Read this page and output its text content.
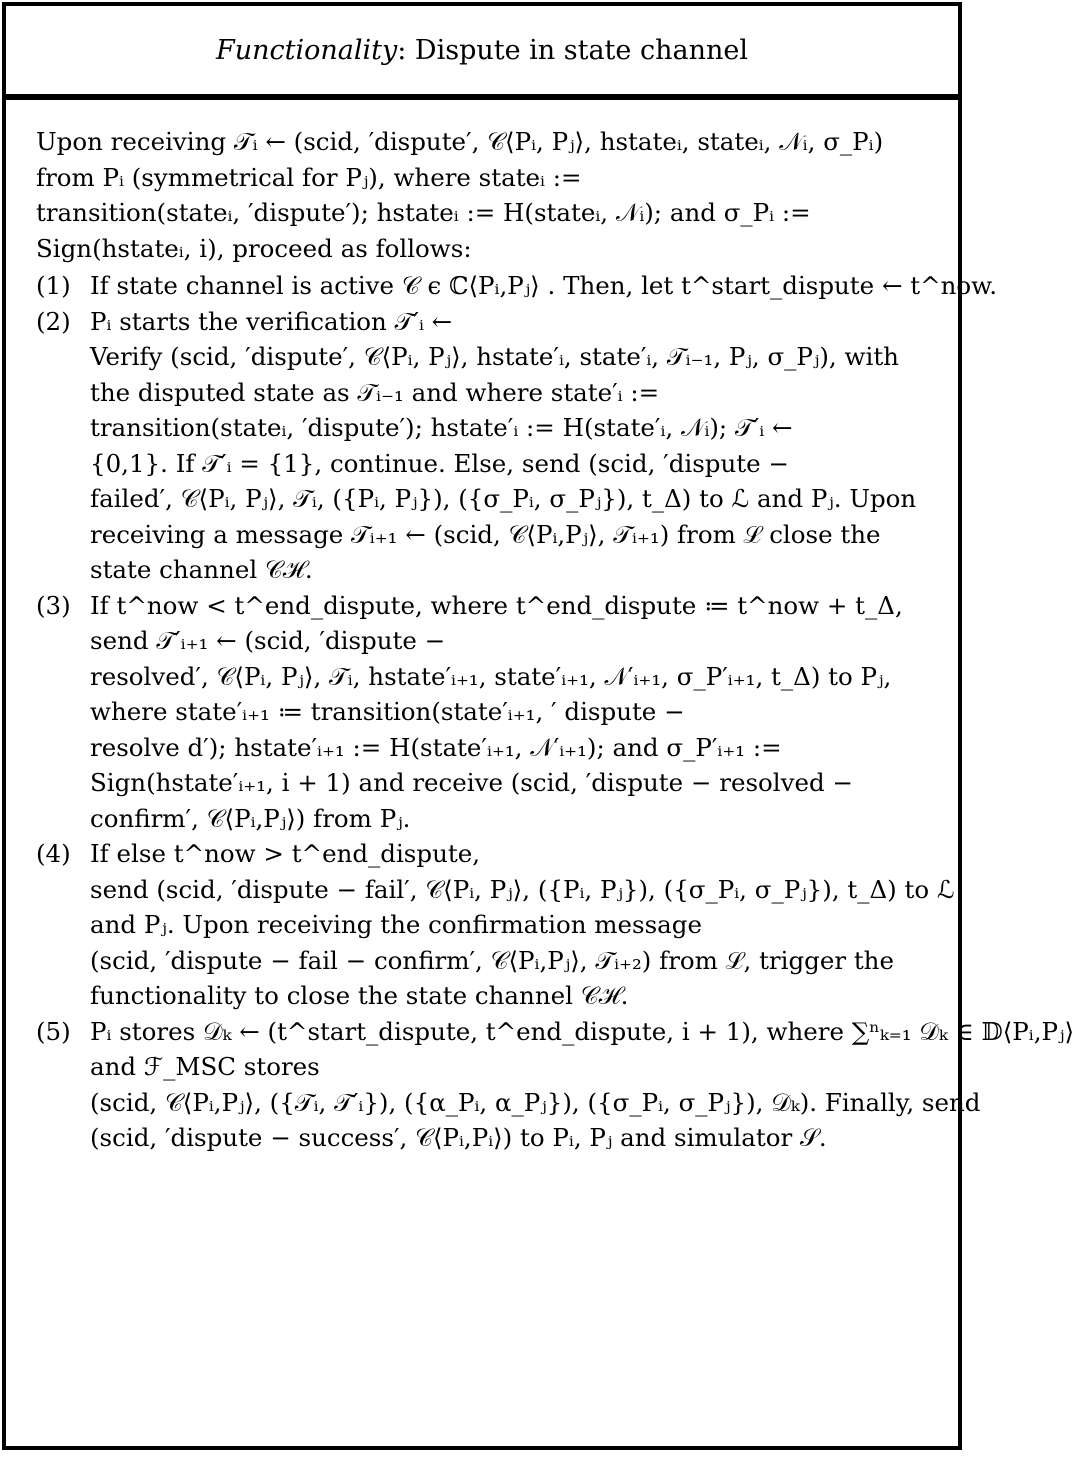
Functionality : Dispute in state channel
Upon receiving 𝒯ᵢ ← (scid, ′dispute′, 𝒞⟨Pᵢ, Pⱼ⟩, hstateᵢ, stateᵢ, 𝒩ᵢ, σ_Pᵢ)
from Pᵢ (symmetrical for Pⱼ), where stateᵢ :=
transition(stateᵢ, ′dispute′); hstateᵢ := H(stateᵢ, 𝒩ᵢ); and σ_Pᵢ :=
Sign(hstateᵢ, i), proceed as follows:
(1) If state channel is active 𝒞 ϵ ℂ⟨Pᵢ,Pⱼ⟩ . Then, let t^start_dispute ← t^now.
(2) Pᵢ starts the verification 𝒯′ᵢ ←
Verify (scid, ′dispute′, 𝒞⟨Pᵢ, Pⱼ⟩, hstate′ᵢ, state′ᵢ, 𝒯ᵢ₋₁, Pⱼ, σ_Pⱼ), with
the disputed state as 𝒯ᵢ₋₁ and where state′ᵢ :=
transition(stateᵢ, ′dispute′); hstate′ᵢ := H(state′ᵢ, 𝒩ᵢ); 𝒯′ᵢ ←
{0,1}. If 𝒯′ᵢ = {1}, continue. Else, send (scid, ′dispute −
failed′, 𝒞⟨Pᵢ, Pⱼ⟩, 𝒯ᵢ, ({Pᵢ, Pⱼ}), ({σ_Pᵢ, σ_Pⱼ}), t_Δ) to ℒ and Pⱼ. Upon
receiving a message 𝒯ᵢ₊₁ ← (scid, 𝒞⟨Pᵢ,Pⱼ⟩, 𝒯ᵢ₊₁) from ℒ close the
state channel 𝒞ℋ.
(3) If t^now < t^end_dispute, where t^end_dispute ≔ t^now + t_Δ,
send 𝒯′ᵢ₊₁ ← (scid, ′dispute −
resolved′, 𝒞⟨Pᵢ, Pⱼ⟩, 𝒯ᵢ, hstate′ᵢ₊₁, state′ᵢ₊₁, 𝒩′ᵢ₊₁, σ_P′ᵢ₊₁, t_Δ) to Pⱼ,
where state′ᵢ₊₁ ≔ transition(state′ᵢ₊₁, ′ dispute −
resolve d′); hstate′ᵢ₊₁ := H(state′ᵢ₊₁, 𝒩′ᵢ₊₁); and σ_P′ᵢ₊₁ :=
Sign(hstate′ᵢ₊₁, i + 1) and receive (scid, ′dispute − resolved −
confirm′, 𝒞⟨Pᵢ,Pⱼ⟩) from Pⱼ.
(4) If else t^now > t^end_dispute,
send (scid, ′dispute − fail′, 𝒞⟨Pᵢ, Pⱼ⟩, ({Pᵢ, Pⱼ}), ({σ_Pᵢ, σ_Pⱼ}), t_Δ) to ℒ
and Pⱼ. Upon receiving the confirmation message
(scid, ′dispute − fail − confirm′, 𝒞⟨Pᵢ,Pⱼ⟩, 𝒯ᵢ₊₂) from ℒ, trigger the
functionality to close the state channel 𝒞ℋ.
(5) Pᵢ stores 𝒟ₖ ← (t^start_dispute, t^end_dispute, i + 1), where ∑ⁿₖ₌₁ 𝒟ₖ ∈ 𝔻⟨Pᵢ,Pⱼ⟩
and ℱ_MSC stores
(scid, 𝒞⟨Pᵢ,Pⱼ⟩, ({𝒯ᵢ, 𝒯′ᵢ}), ({α_Pᵢ, α_Pⱼ}), ({σ_Pᵢ, σ_Pⱼ}), 𝒟ₖ). Finally, send
(scid, ′dispute − success′, 𝒞⟨Pᵢ,Pᵢ⟩) to Pᵢ, Pⱼ and simulator 𝒮.
